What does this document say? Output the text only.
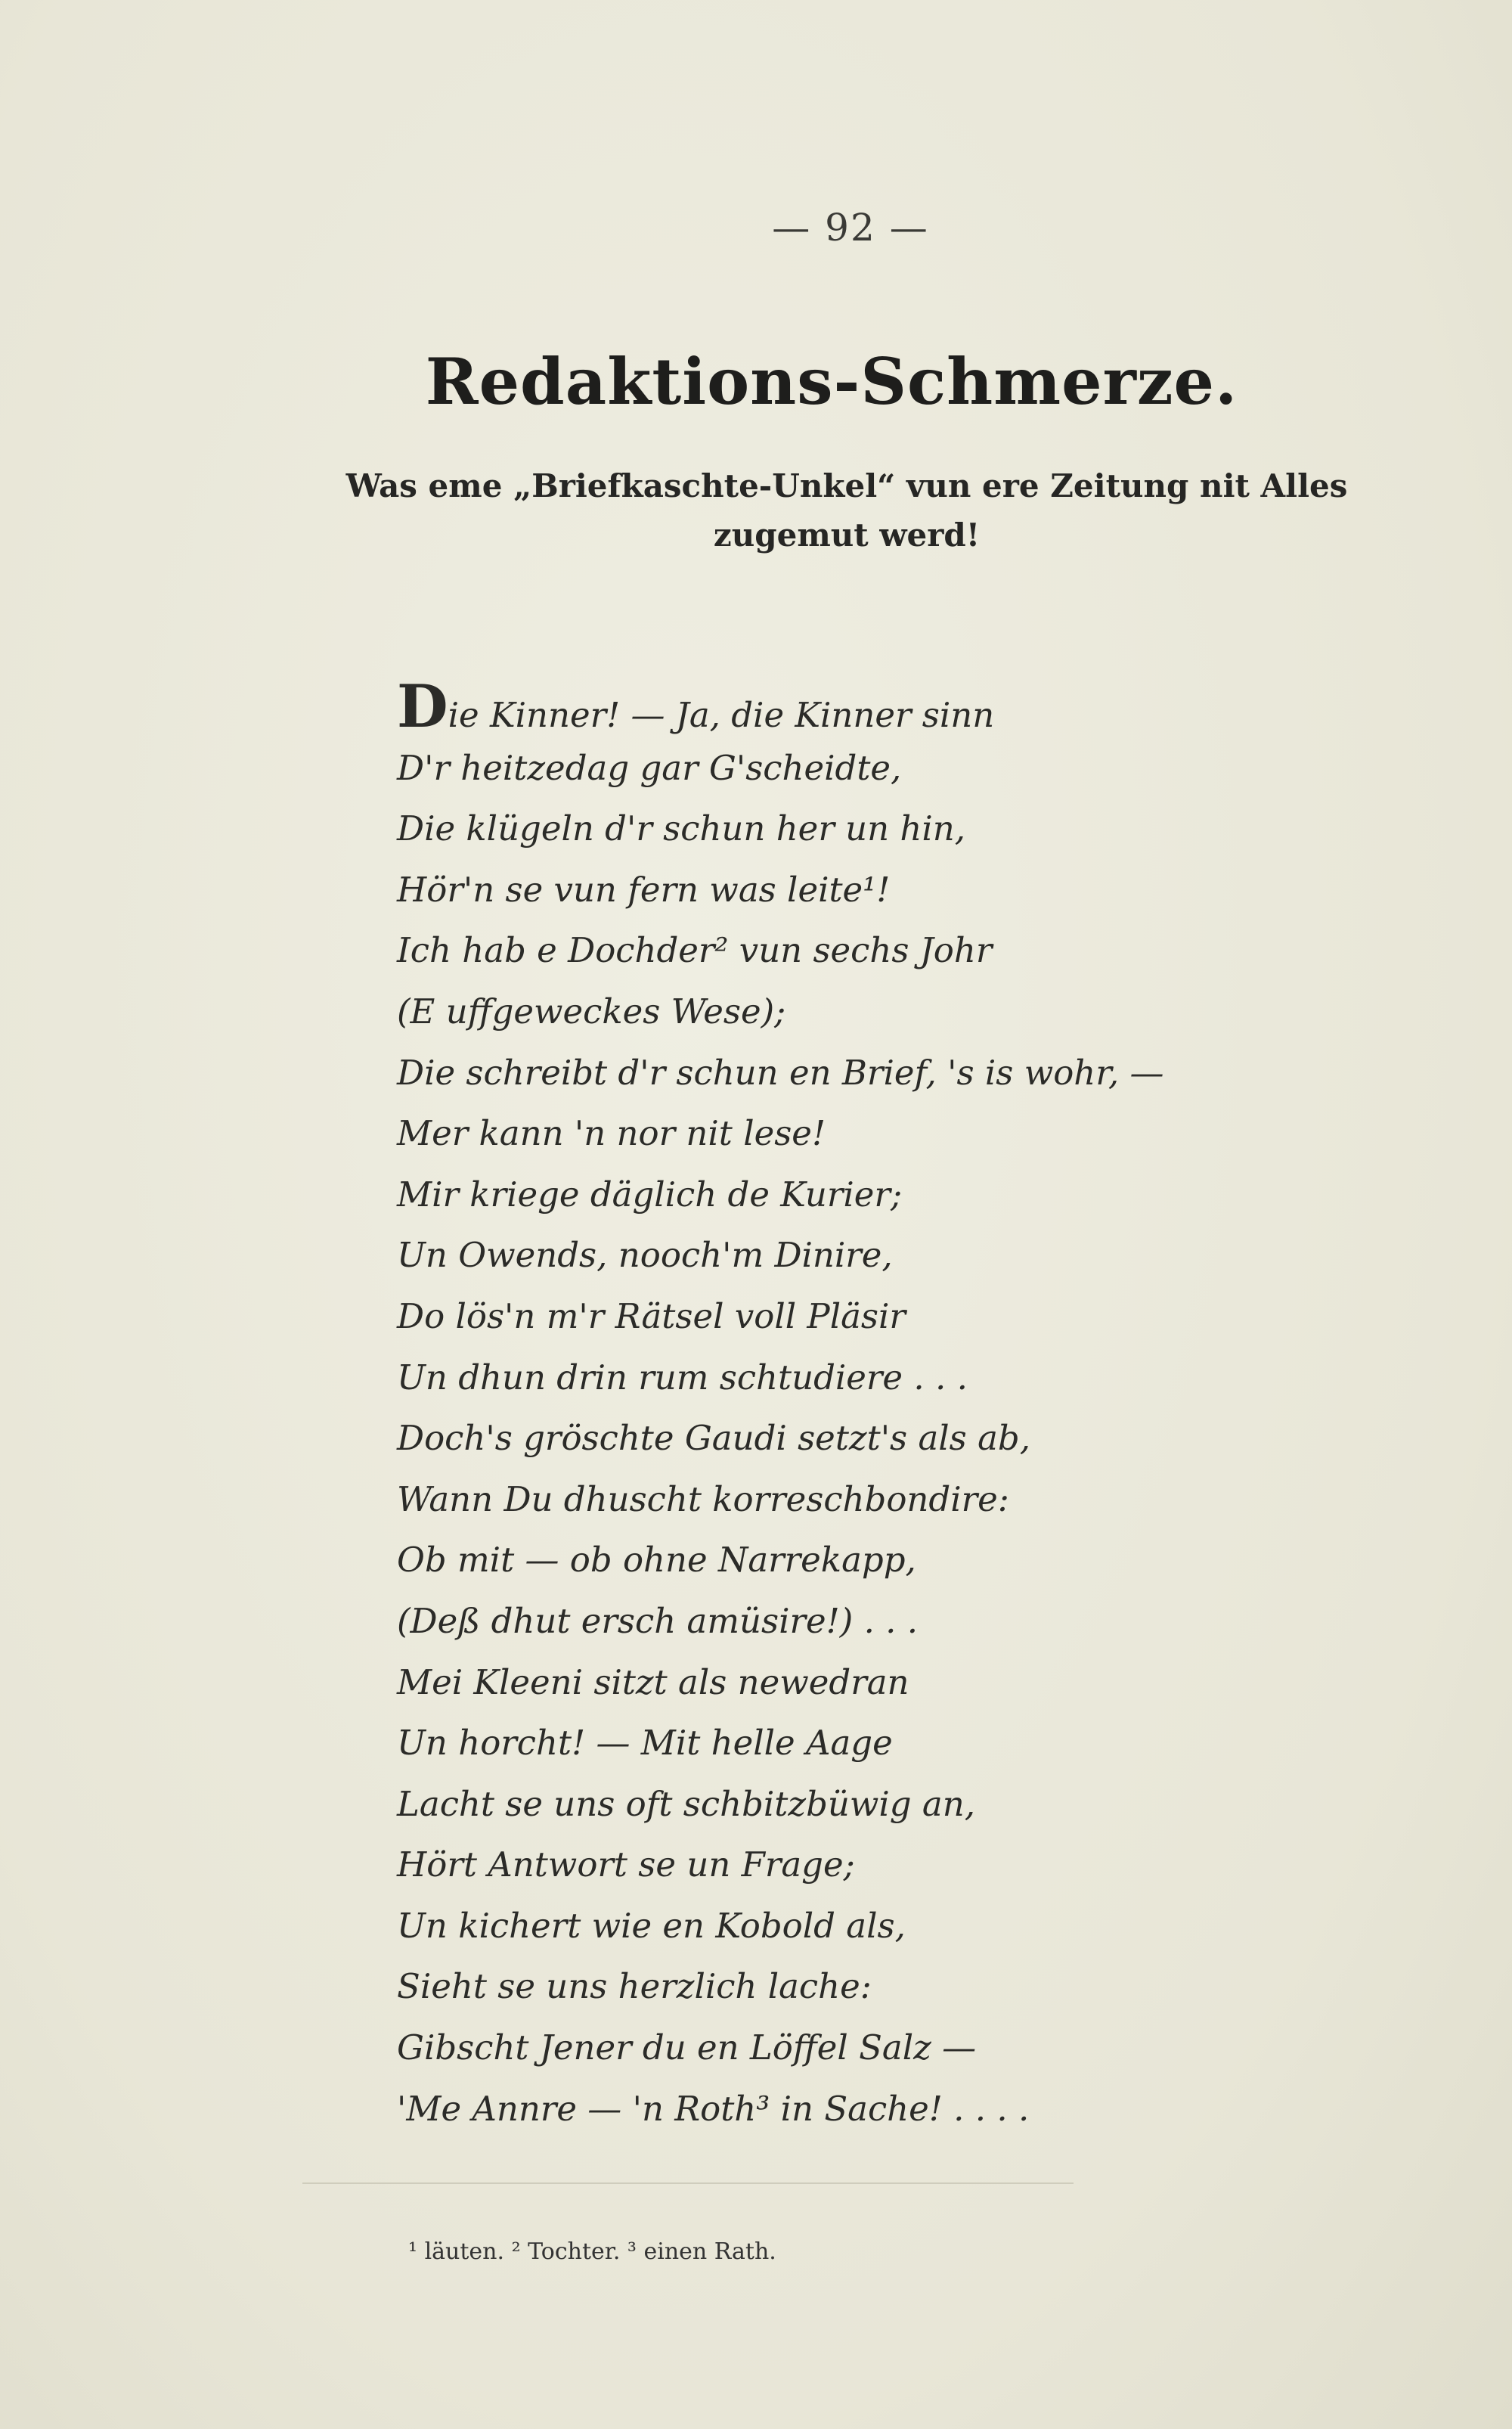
— 92 —
Redaktions-Schmerze.
Was eme „Briefkaschte-Unkel“ vun ere Zeitung nit Alles zugemut werd!
Die Kinner! — Ja, die Kinner sinn
D'r heitzedag gar G'scheidte,
Die klügeln d'r schun her un hin,
Hör'n se vun fern was leite¹!
Ich hab e Dochder² vun sechs Johr
(E uffgeweckes Wese);
Die schreibt d'r schun en Brief, 's is wohr, —
Mer kann 'n nor nit lese!
Mir kriege däglich de Kurier;
Un Owends, nooch'm Dinire,
Do lös'n m'r Rätsel voll Pläsir
Un dhun drin rum schtudiere . . .
Doch's gröschte Gaudi setzt's als ab,
Wann Du dhuscht korreschbondire:
Ob mit — ob ohne Narrekapp,
(Deß dhut ersch amüsire!) . . .
Mei Kleeni sitzt als newedran
Un horcht! — Mit helle Aage
Lacht se uns oft schbitzbüwig an,
Hört Antwort se un Frage;
Un kichert wie en Kobold als,
Sieht se uns herzlich lache:
Gibscht Jener du en Löffel Salz —
'Me Annre — 'n Roth³ in Sache! . . . .
¹ läuten. ² Tochter. ³ einen Rath.
